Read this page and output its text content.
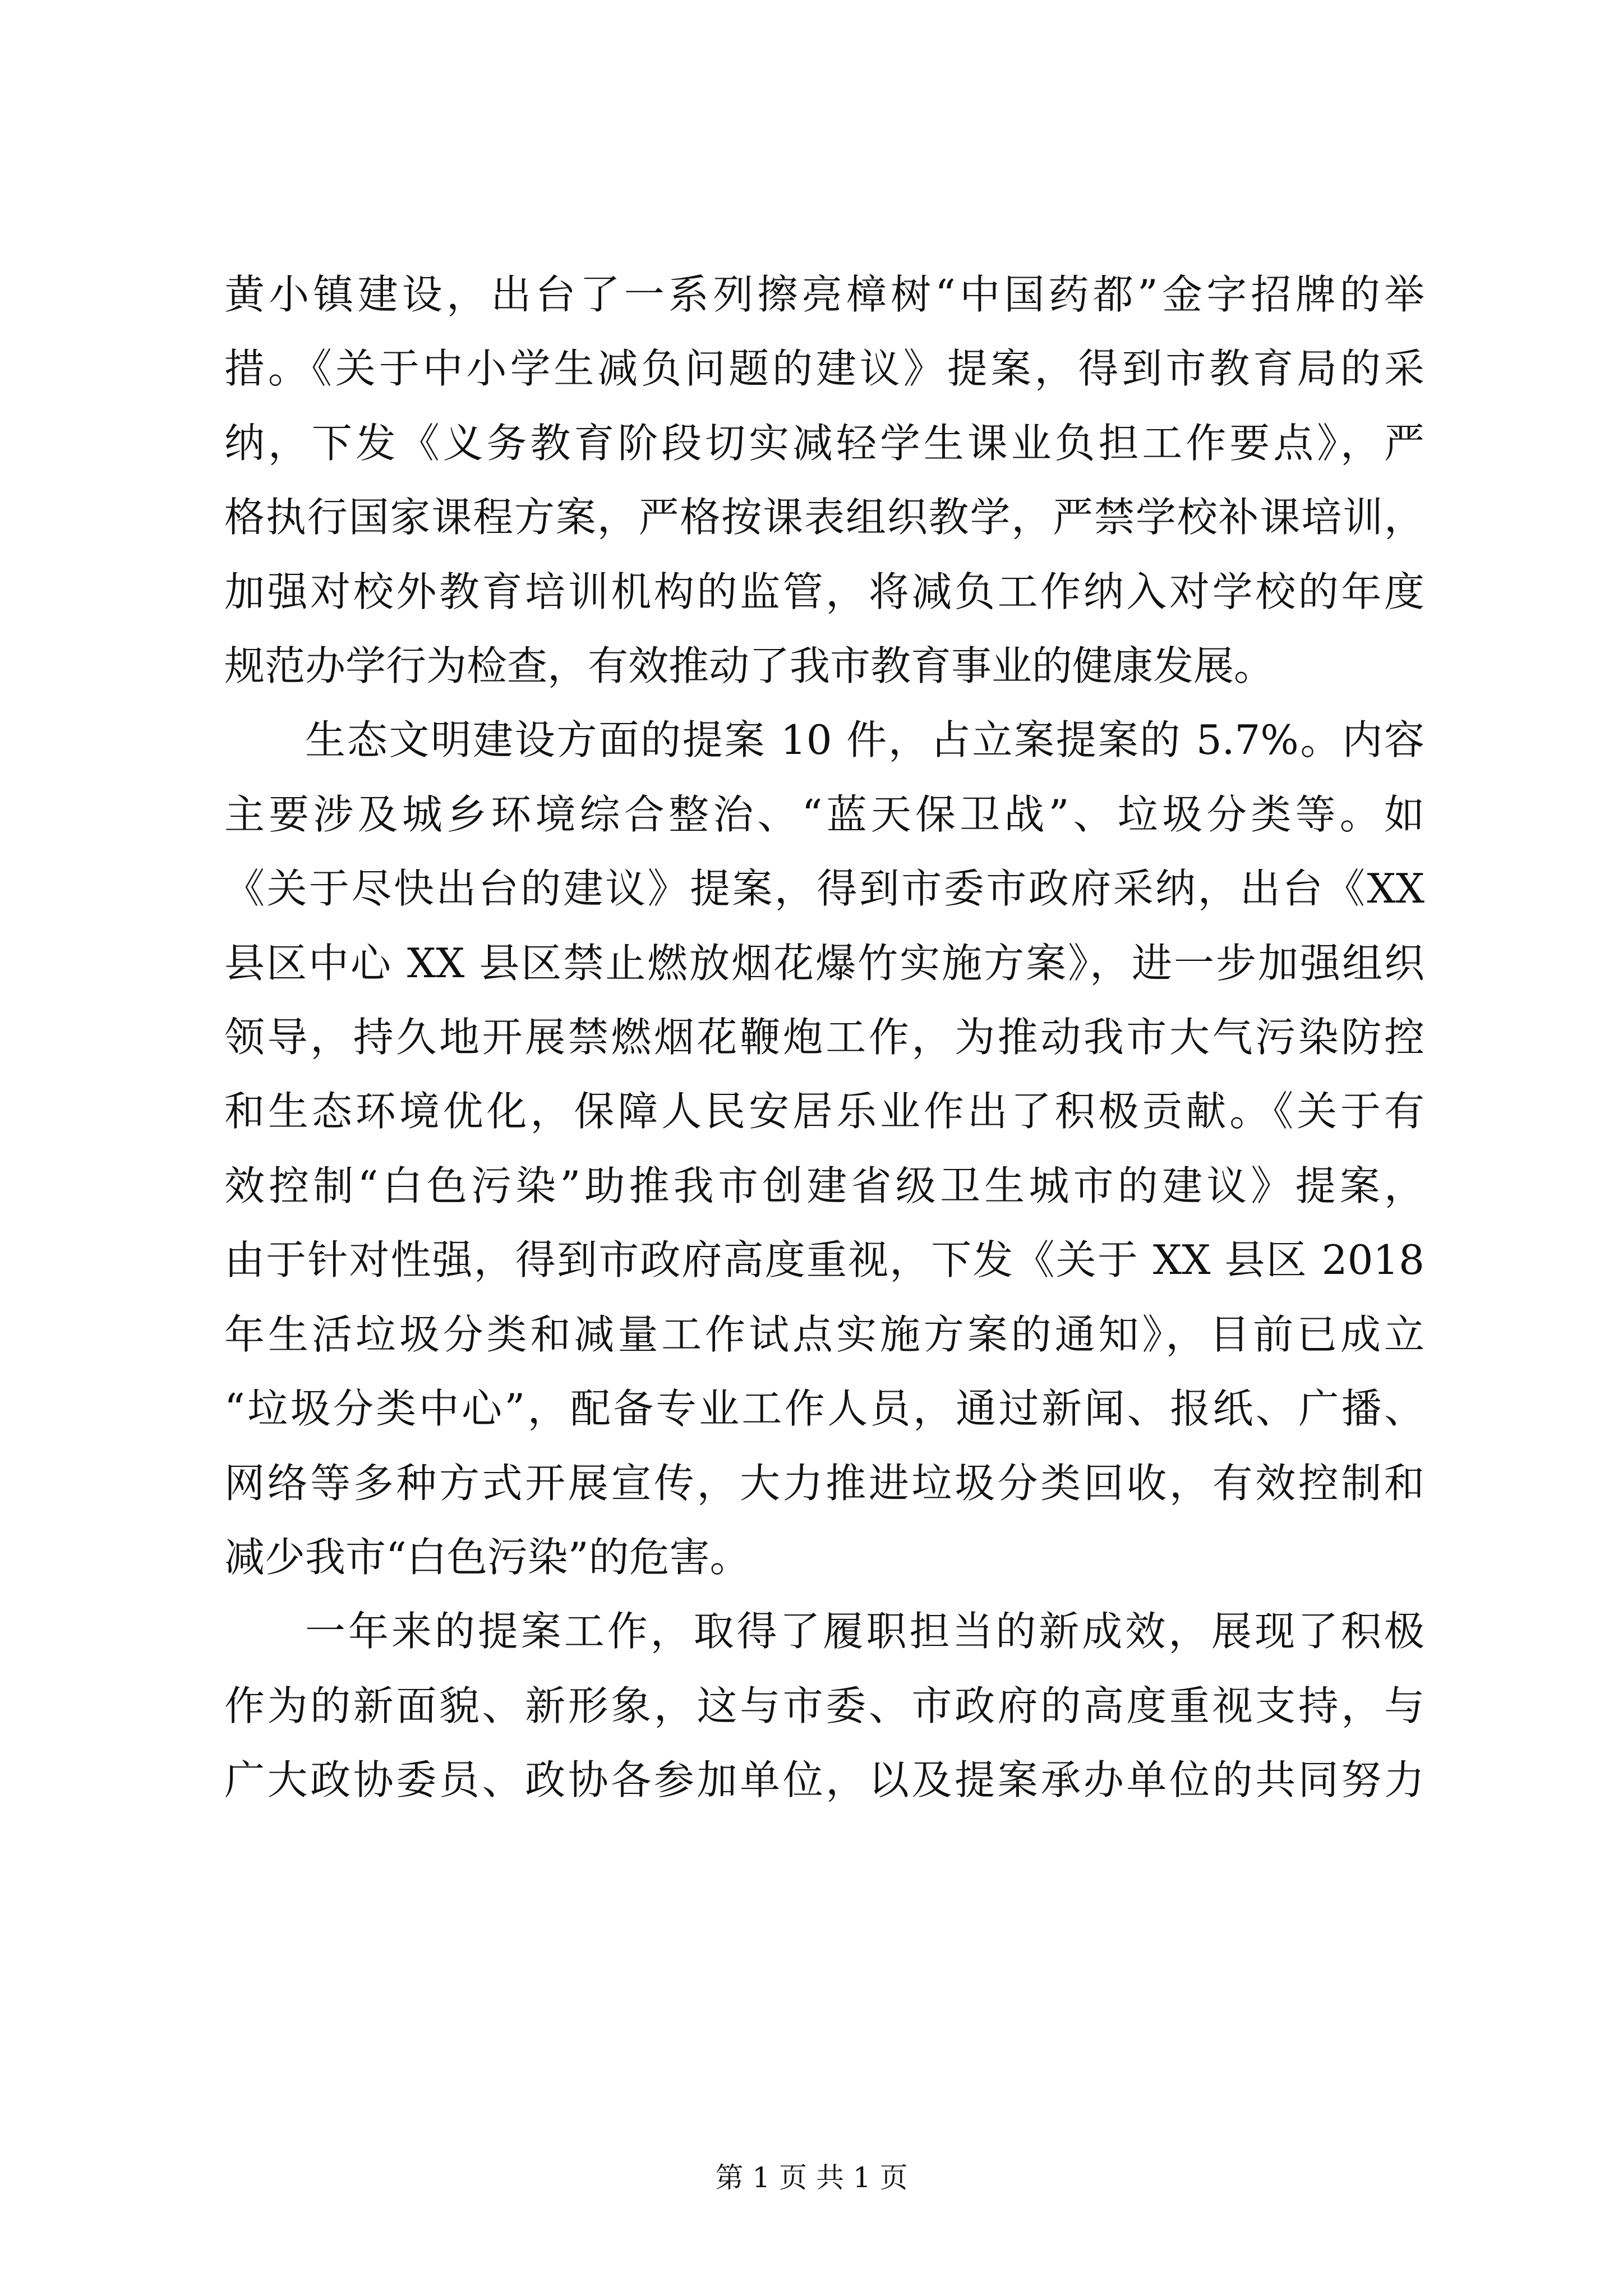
黄小镇建设，出台了一系列擦亮樟树“中国药都”金字招牌的举
措。《关于中小学生减负问题的建议》提案，得到市教育局的采
纳，下发《义务教育阶段切实减轻学生课业负担工作要点》，严
格执行国家课程方案，严格按课表组织教学，严禁学校补课培训，
加强对校外教育培训机构的监管，将减负工作纳入对学校的年度
规范办学行为检查，有效推动了我市教育事业的健康发展。
生态文明建设方面的提案 10 件，占立案提案的 5.7%。内容
主要涉及城乡环境综合整治、“蓝天保卫战”、垃圾分类等。如
《关于尽快出台的建议》提案，得到市委市政府采纳，出台《XX
县区中心 XX 县区禁止燃放烟花爆竹实施方案》，进一步加强组织
领导，持久地开展禁燃烟花鞭炮工作，为推动我市大气污染防控
和生态环境优化，保障人民安居乐业作出了积极贡献。《关于有
效控制“白色污染”助推我市创建省级卫生城市的建议》提案，
由于针对性强，得到市政府高度重视，下发《关于 XX 县区 2018
年生活垃圾分类和减量工作试点实施方案的通知》，目前已成立
“垃圾分类中心”，配备专业工作人员，通过新闻、报纸、广播、
网络等多种方式开展宣传，大力推进垃圾分类回收，有效控制和
减少我市“白色污染”的危害。
一年来的提案工作，取得了履职担当的新成效，展现了积极
作为的新面貌、新形象，这与市委、市政府的高度重视支持，与
广大政协委员、政协各参加单位，以及提案承办单位的共同努力
第 1 页 共 1 页
